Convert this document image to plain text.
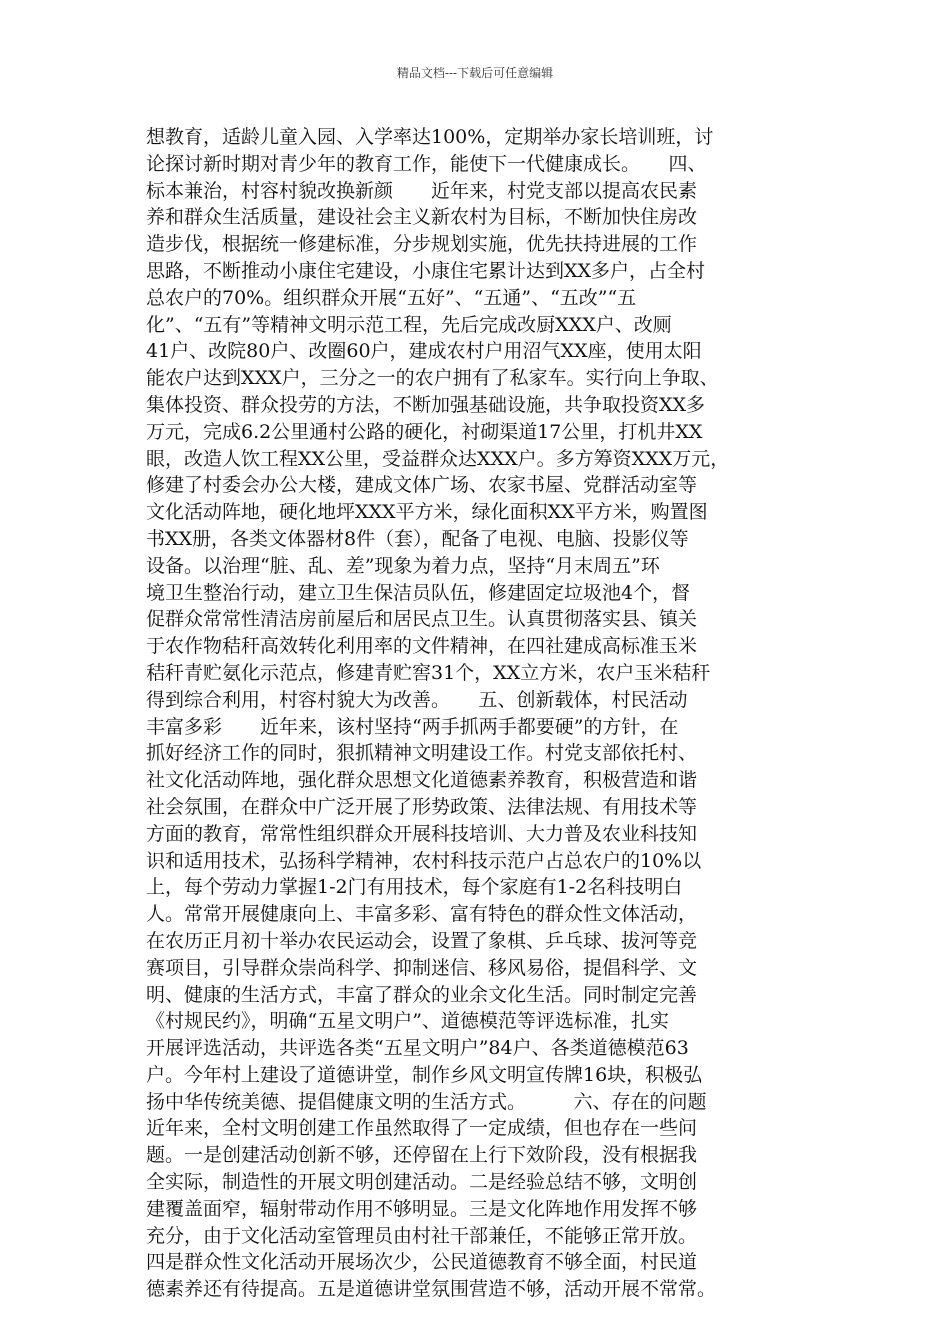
精品文档---下载后可任意编辑
想教育，适龄儿童入园、入学率达100%，定期举办家长培训班，讨
论探讨新时期对青少年的教育工作，能使下一代健康成长。　　四、
标本兼治，村容村貌改换新颜　　近年来，村党支部以提高农民素
养和群众生活质量，建设社会主义新农村为目标，不断加快住房改
造步伐，根据统一修建标准，分步规划实施，优先扶持进展的工作
思路，不断推动小康住宅建设，小康住宅累计达到XX多户，占全村
总农户的70%。组织群众开展“五好”、“五通”、“五改”“五
化”、“五有”等精神文明示范工程，先后完成改厨XXX户、改厕
41户、改院80户、改圈60户，建成农村户用沼气XX座，使用太阳
能农户达到XXX户，三分之一的农户拥有了私家车。实行向上争取、
集体投资、群众投劳的方法，不断加强基础设施，共争取投资XX多
万元，完成6.2公里通村公路的硬化，衬砌渠道17公里，打机井XX
眼，改造人饮工程XX公里，受益群众达XXX户。多方筹资XXX万元，
修建了村委会办公大楼，建成文体广场、农家书屋、党群活动室等
文化活动阵地，硬化地坪XXX平方米，绿化面积XX平方米，购置图
书XX册，各类文体器材8件（套），配备了电视、电脑、投影仪等
设备。以治理“脏、乱、差”现象为着力点，坚持“月末周五”环
境卫生整治行动，建立卫生保洁员队伍，修建固定垃圾池4个，督
促群众常常性清洁房前屋后和居民点卫生。认真贯彻落实县、镇关
于农作物秸秆高效转化利用率的文件精神，在四社建成高标准玉米
秸秆青贮氨化示范点，修建青贮窖31个，XX立方米，农户玉米秸秆
得到综合利用，村容村貌大为改善。　　五、创新载体，村民活动
丰富多彩　　近年来，该村坚持“两手抓两手都要硬”的方针，在
抓好经济工作的同时，狠抓精神文明建设工作。村党支部依托村、
社文化活动阵地，强化群众思想文化道德素养教育，积极营造和谐
社会氛围，在群众中广泛开展了形势政策、法律法规、有用技术等
方面的教育，常常性组织群众开展科技培训、大力普及农业科技知
识和适用技术，弘扬科学精神，农村科技示范户占总农户的10%以
上，每个劳动力掌握1-2门有用技术，每个家庭有1-2名科技明白
人。常常开展健康向上、丰富多彩、富有特色的群众性文体活动，
在农历正月初十举办农民运动会，设置了象棋、乒乓球、拔河等竞
赛项目，引导群众崇尚科学、抑制迷信、移风易俗，提倡科学、文
明、健康的生活方式，丰富了群众的业余文化生活。同时制定完善
《村规民约》，明确“五星文明户”、道德模范等评选标准，扎实
开展评选活动，共评选各类“五星文明户”84户、各类道德模范63
户。今年村上建设了道德讲堂，制作乡风文明宣传牌16块，积极弘
扬中华传统美德、提倡健康文明的生活方式。　　　六、存在的问题
近年来，全村文明创建工作虽然取得了一定成绩，但也存在一些问
题。一是创建活动创新不够，还停留在上行下效阶段，没有根据我
全实际，制造性的开展文明创建活动。二是经验总结不够，文明创
建覆盖面窄，辐射带动作用不够明显。三是文化阵地作用发挥不够
充分，由于文化活动室管理员由村社干部兼任，不能够正常开放。
四是群众性文化活动开展场次少，公民道德教育不够全面，村民道
德素养还有待提高。五是道德讲堂氛围营造不够，活动开展不常常。
